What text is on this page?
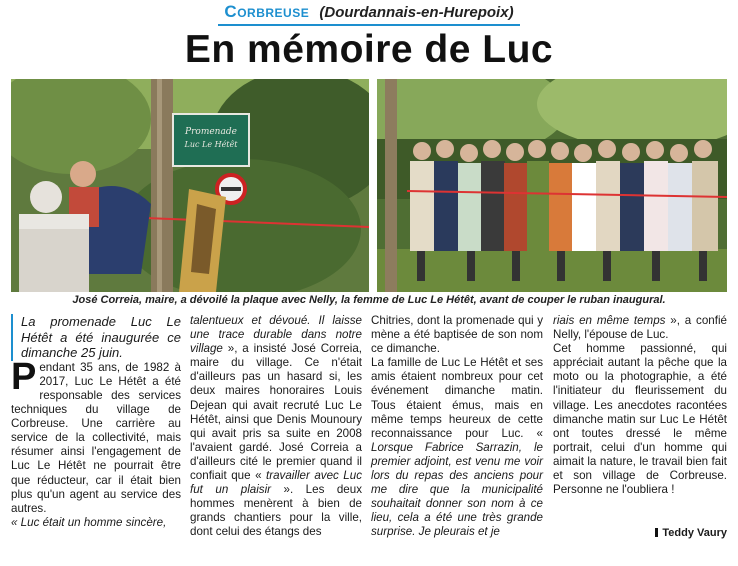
Corbreuse (Dourdannais-en-Hurepoix)
En mémoire de Luc
Promenade
Luc Le Hétêt
José Correia, maire, a dévoilé la plaque avec Nelly, la femme de Luc Le Hétêt, avant de couper le ruban inaugural.

La promenade Luc Le Hétêt a été inaugurée ce dimanche 25 juin.

Pendant 35 ans, de 1982 à 2017, Luc Le Hétêt a été responsable des services techniques du village de Corbreuse. Une carrière au service de la collectivité, mais résumer ainsi l'engagement de Luc Le Hétêt ne pourrait être que réducteur, car il était bien plus qu'un agent au service des autres.

« Luc était un homme sincère,

talentueux et dévoué. Il laisse une trace durable dans notre village », a insisté José Correia, maire du village. Ce n'était d'ailleurs pas un hasard si, les deux maires honoraires Louis Dejean qui avait recruté Luc Le Hétêt, ainsi que Denis Mounoury qui avait pris sa suite en 2008 l'avaient gardé. José Correia a d'ailleurs cité le premier quand il confiait que « travailler avec Luc fut un plaisir ». Les deux hommes menèrent à bien de grands chantiers pour la ville, dont celui des étangs des

Chitries, dont la promenade qui y mène a été baptisée de son nom ce dimanche.

La famille de Luc Le Hétêt et ses amis étaient nombreux pour cet événement dimanche matin. Tous étaient émus, mais en même temps heureux de cette reconnaissance pour Luc. « Lorsque Fabrice Sarrazin, le premier adjoint, est venu me voir lors du repas des anciens pour me dire que la municipalité souhaitait donner son nom à ce lieu, cela a été une très grande surprise. Je pleurais et je

riais en même temps », a confié Nelly, l'épouse de Luc.

Cet homme passionné, qui appréciait autant la pêche que la moto ou la photographie, a été l'initiateur du fleurissement du village. Les anecdotes racontées dimanche matin sur Luc Le Hétêt ont toutes dressé le même portrait, celui d'un homme qui aimait la nature, le travail bien fait et son village de Corbreuse. Personne ne l'oubliera !

Teddy Vaury
